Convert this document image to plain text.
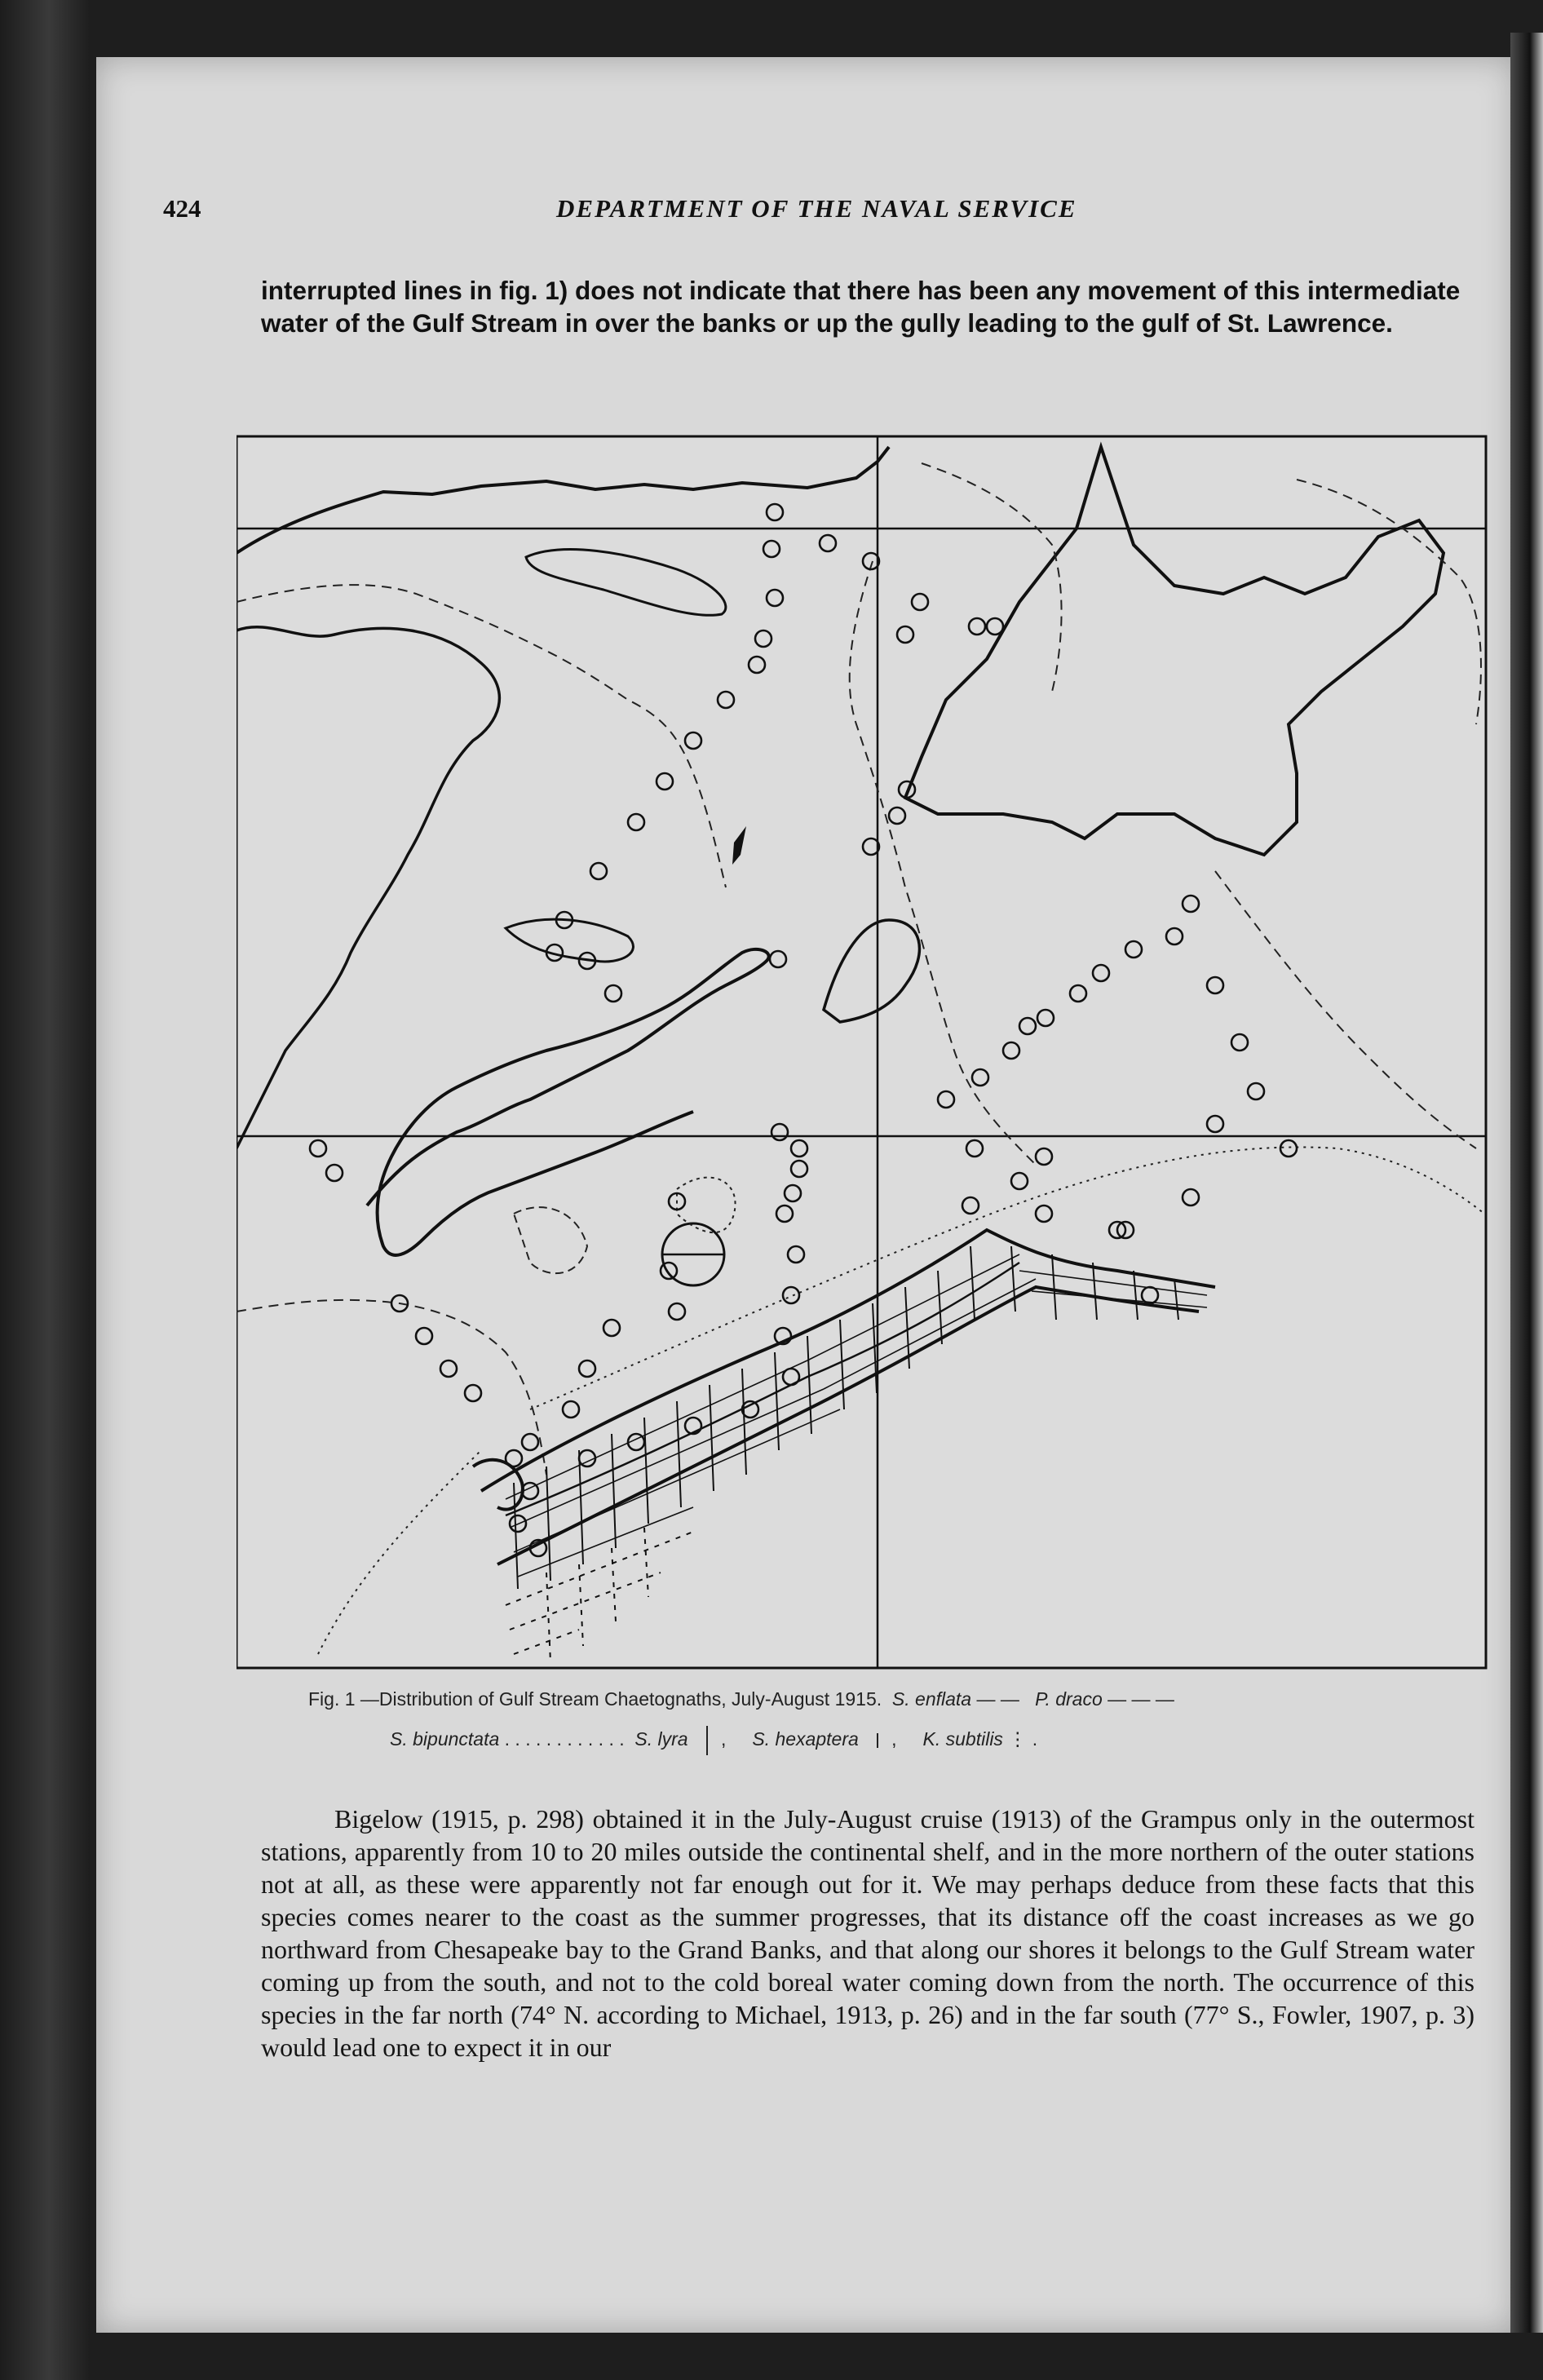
424	DEPARTMENT OF THE NAVAL SERVICE
interrupted lines in fig. 1) does not indicate that there has been any movement of this intermediate water of the Gulf Stream in over the banks or up the gully leading to the gulf of St. Lawrence.
Fig. 1 —Distribution of Gulf Stream Chaetognaths, July-August 1915. S. enflata — — P. draco — — —
S. bipunctata . . . . . . . . . . . . S. lyra ,     S. hexaptera ,     K. subtilis ⋮ .

Bigelow (1915, p. 298) obtained it in the July-August cruise (1913) of the Grampus only in the outermost stations, apparently from 10 to 20 miles outside the continental shelf, and in the more northern of the outer stations not at all, as these were apparently not far enough out for it. We may perhaps deduce from these facts that this species comes nearer to the coast as the summer progresses, that its distance off the coast increases as we go northward from Chesapeake bay to the Grand Banks, and that along our shores it belongs to the Gulf Stream water coming up from the south, and not to the cold boreal water coming down from the north. The occurrence of this species in the far north (74° N. according to Michael, 1913, p. 26) and in the far south (77° S., Fowler, 1907, p. 3) would lead one to expect it in our
